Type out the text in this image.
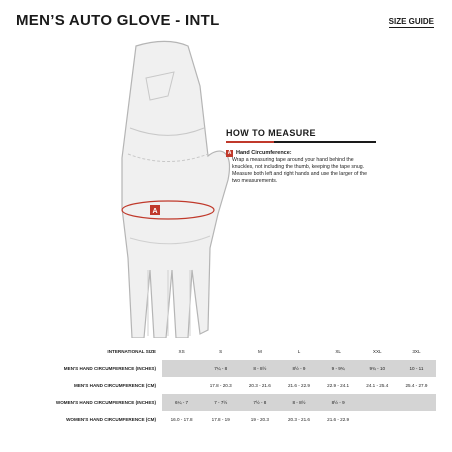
MEN’S AUTO GLOVE - INTL	SIZE GUIDE
A
HOW TO MEASURE
A Hand Circumference:
Wrap a measuring tape around your hand behind the knuckles, not including the thumb, keeping the tape snug. Measure both left and right hands and use the larger of the two measurements.
INTERNATIONAL SIZE	XS	S	M	L	XL	XXL	3XL
MEN'S HAND CIRCUMFERENCE (INCHES)		7¼ - 8	8 - 8½	8½ - 9	9 - 9¾	9¾ - 10	10 - 11
MEN'S HAND CIRCUMFERENCE (CM)		17.8 - 20.3	20.3 - 21.6	21.6 - 22.9	22.9 - 24.1	24.1 - 25.4	25.4 - 27.9
WOMEN'S HAND CIRCUMFERENCE (INCHES)	6¼ - 7	7 - 7½	7½ - 8	8 - 8½	8½ - 9		
WOMEN'S HAND CIRCUMFERENCE (CM)	16.0 - 17.8	17.8 - 19	19 - 20.3	20.3 - 21.6	21.6 - 22.9		
